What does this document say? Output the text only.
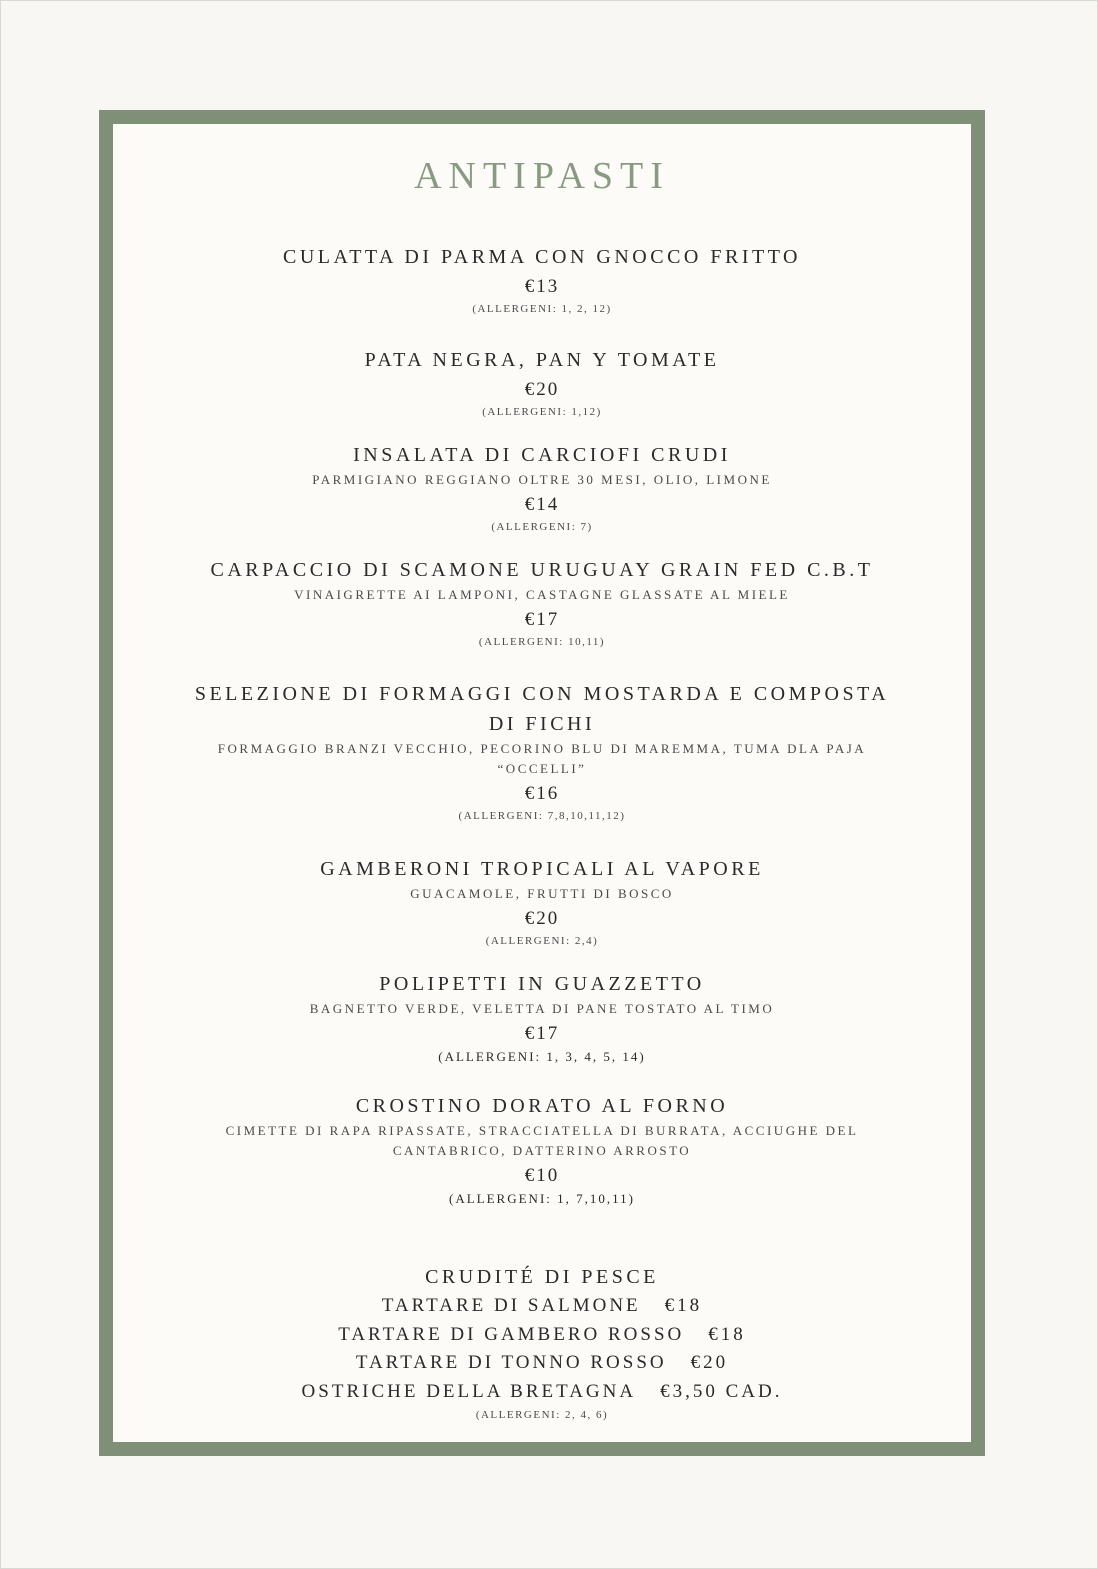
ANTIPASTI
CULATTA DI PARMA CON GNOCCO FRITTO
€13
(ALLERGENI: 1, 2, 12)
PATA NEGRA, PAN Y TOMATE
€20
(ALLERGENI: 1,12)
INSALATA DI CARCIOFI CRUDI
PARMIGIANO REGGIANO OLTRE 30 MESI, OLIO, LIMONE
€14
(ALLERGENI: 7)
CARPACCIO DI SCAMONE URUGUAY GRAIN FED C.B.T
VINAIGRETTE AI LAMPONI, CASTAGNE GLASSATE AL MIELE
€17
(ALLERGENI: 10,11)
SELEZIONE DI FORMAGGI CON MOSTARDA E COMPOSTA
DI FICHI
FORMAGGIO BRANZI VECCHIO, PECORINO BLU DI MAREMMA, TUMA DLA PAJA
“OCCELLI”
€16
(ALLERGENI: 7,8,10,11,12)
GAMBERONI TROPICALI AL VAPORE
GUACAMOLE, FRUTTI DI BOSCO
€20
(ALLERGENI: 2,4)
POLIPETTI IN GUAZZETTO
BAGNETTO VERDE, VELETTA DI PANE TOSTATO AL TIMO
€17
(ALLERGENI: 1, 3, 4, 5, 14)
CROSTINO DORATO AL FORNO
CIMETTE DI RAPA RIPASSATE, STRACCIATELLA DI BURRATA, ACCIUGHE DEL
CANTABRICO, DATTERINO ARROSTO
€10
(ALLERGENI: 1, 7,10,11)
CRUDITÉ DI PESCE
TARTARE DI SALMONE €18
TARTARE DI GAMBERO ROSSO €18
TARTARE DI TONNO ROSSO €20
OSTRICHE DELLA BRETAGNA €3,50 CAD.
(ALLERGENI: 2, 4, 6)
